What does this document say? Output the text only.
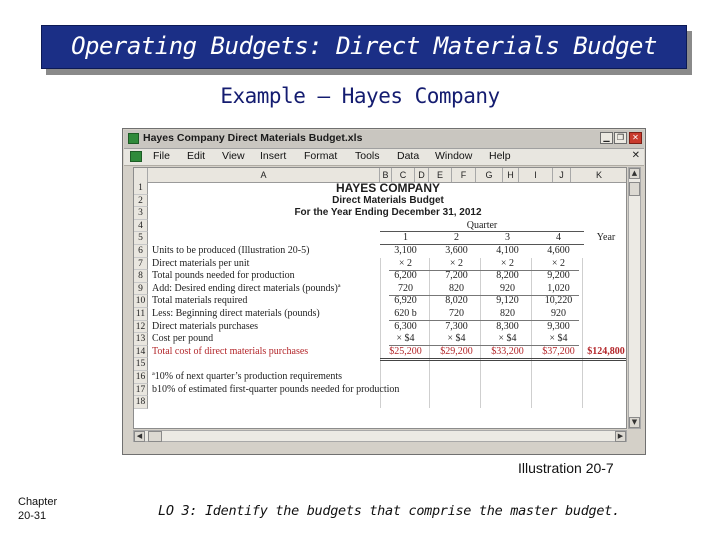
Operating Budgets: Direct Materials Budget
Example – Hayes Company
Hayes Company Direct Materials Budget.xls	▁ ❐	✕
File Edit View Insert Format Tools Data Window Help	✕
A	B	C	D	E	F	G	H	I	J	K
1
2
3
4
5
6
7
8
9
10
11
12
13
14
15
16
17
18
HAYES COMPANY
Direct Materials Budget
For the Year Ending December 31, 2012
Quarter
1	2	3	4	Year
Units to be produced (Illustration 20-5)	3,100	3,600	4,100	4,600
Direct materials per unit	× 2	× 2	× 2	× 2
Total pounds needed for production	6,200	7,200	8,200	9,200
Add: Desired ending direct materials (pounds)ª	720	820	920	1,020
Total materials required	6,920	8,020	9,120	10,220
Less: Beginning direct materials (pounds)	620 b	720	820	920
Direct materials purchases	6,300	7,300	8,300	9,300
Cost per pound	× $4	× $4	× $4	× $4
Total cost of direct materials purchases	$25,200	$29,200	$33,200	$37,200	$124,800
ª10% of next quarter’s production requirements
b10% of estimated first-quarter pounds needed for production
▲
▼
◀	▶
Illustration 20-7
Chapter
20-31	LO 3: Identify the budgets that comprise the master budget.
